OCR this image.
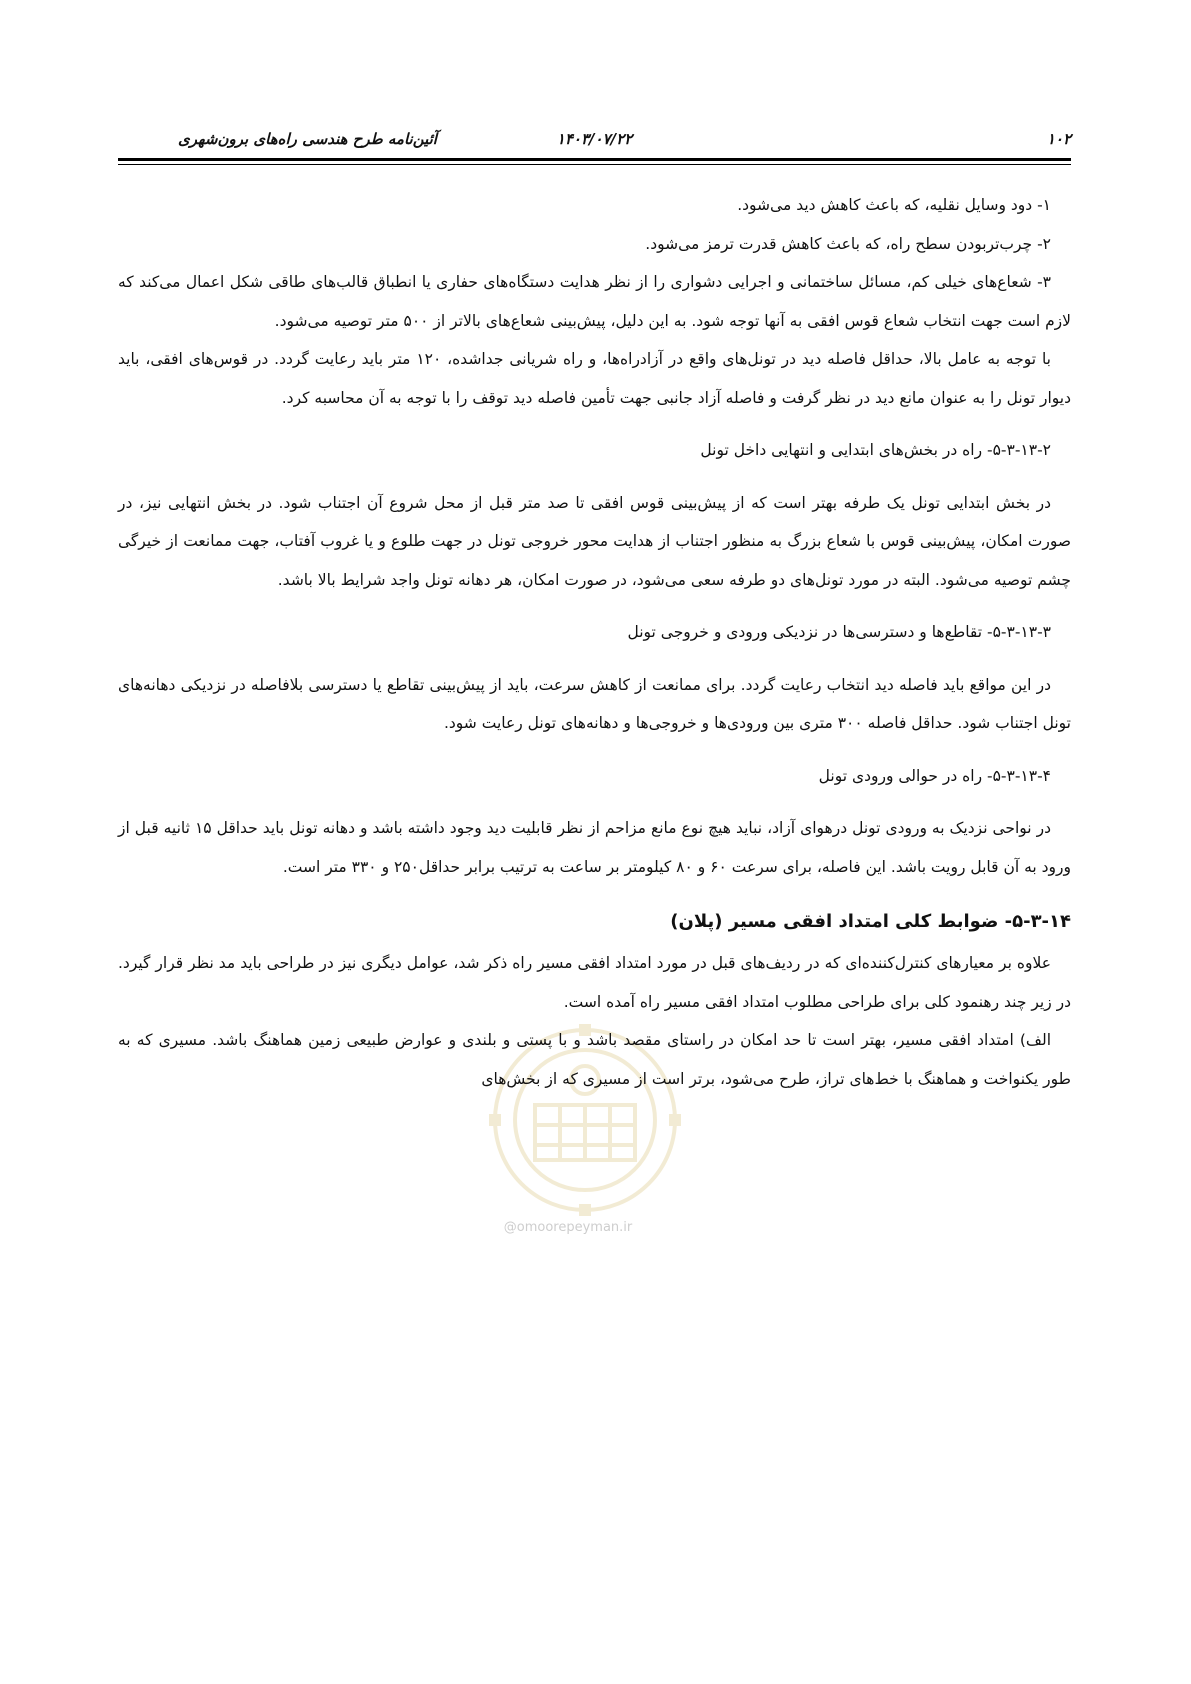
۱۰۲
۱۴۰۳/۰۷/۲۲
آئین‌نامه طرح هندسی راه‌های برون‌شهری
@omoorepeyman.ir

۱- دود وسایل نقلیه، که باعث کاهش دید می‌شود.

۲- چرب‌تربودن سطح راه، که باعث کاهش قدرت ترمز می‌شود.

۳- شعاع‌های خیلی کم، مسائل ساختمانی و اجرایی دشواری را از نظر هدایت دستگاه‌های حفاری یا انطباق قالب‌های طاقی شکل اعمال می‌کند که لازم است جهت انتخاب شعاع قوس افقی به آنها توجه شود. به این دلیل، پیش‌بینی شعاع‌های بالاتر از ۵۰۰ متر توصیه می‌شود.

با توجه به عامل بالا، حداقل فاصله دید در تونل‌های واقع در آزادراه‌ها، و راه شریانی جداشده، ۱۲۰ متر باید رعایت گردد. در قوس‌های افقی، باید دیوار تونل را به عنوان مانع دید در نظر گرفت و فاصله آزاد جانبی جهت تأمین فاصله دید توقف را با توجه به آن محاسبه کرد.

۵-۳-۱۳-۲- راه در بخش‌های ابتدایی و انتهایی داخل تونل

در بخش ابتدایی تونل یک طرفه بهتر است که از پیش‌بینی قوس افقی تا صد متر قبل از محل شروع آن اجتناب شود. در بخش انتهایی نیز، در صورت امکان، پیش‌بینی قوس با شعاع بزرگ به منظور اجتناب از هدایت محور خروجی تونل در جهت طلوع و یا غروب آفتاب، جهت ممانعت از خیرگی چشم توصیه می‌شود. البته در مورد تونل‌های دو طرفه سعی می‌شود، در صورت امکان، هر دهانه تونل واجد شرایط بالا باشد.

۵-۳-۱۳-۳- تقاطع‌ها و دسترسی‌ها در نزدیکی ورودی و خروجی تونل

در این مواقع باید فاصله دید انتخاب رعایت گردد. برای ممانعت از کاهش سرعت، باید از پیش‌بینی تقاطع یا دسترسی بلافاصله در نزدیکی دهانه‌های تونل اجتناب شود. حداقل فاصله ۳۰۰ متری بین ورودی‌ها و خروجی‌ها و دهانه‌های تونل رعایت شود.

۵-۳-۱۳-۴- راه در حوالی ورودی تونل

در نواحی نزدیک به ورودی تونل درهوای آزاد، نباید هیچ نوع مانع مزاحم از نظر قابلیت دید وجود داشته باشد و دهانه تونل باید حداقل ۱۵ ثانیه قبل از ورود به آن قابل رویت باشد. این فاصله، برای سرعت ۶۰ و ۸۰ کیلومتر بر ساعت به ترتیب برابر حداقل۲۵۰ و ۳۳۰ متر است.

۵-۳-۱۴- ضوابط کلی امتداد افقی مسیر (پلان)

علاوه بر معیارهای کنترل‌کننده‌ای که در ردیف‌های قبل در مورد امتداد افقی مسیر راه ذکر شد، عوامل دیگری نیز در طراحی باید مد نظر قرار گیرد. در زیر چند رهنمود کلی برای طراحی مطلوب امتداد افقی مسیر راه آمده است.

الف) امتداد افقی مسیر، بهتر است تا حد امکان در راستای مقصد باشد و با پستی و بلندی و عوارض طبیعی زمین هماهنگ باشد. مسیری که به طور یکنواخت و هماهنگ با خط‌های تراز، طرح می‌شود، برتر است از مسیری که از بخش‌های
